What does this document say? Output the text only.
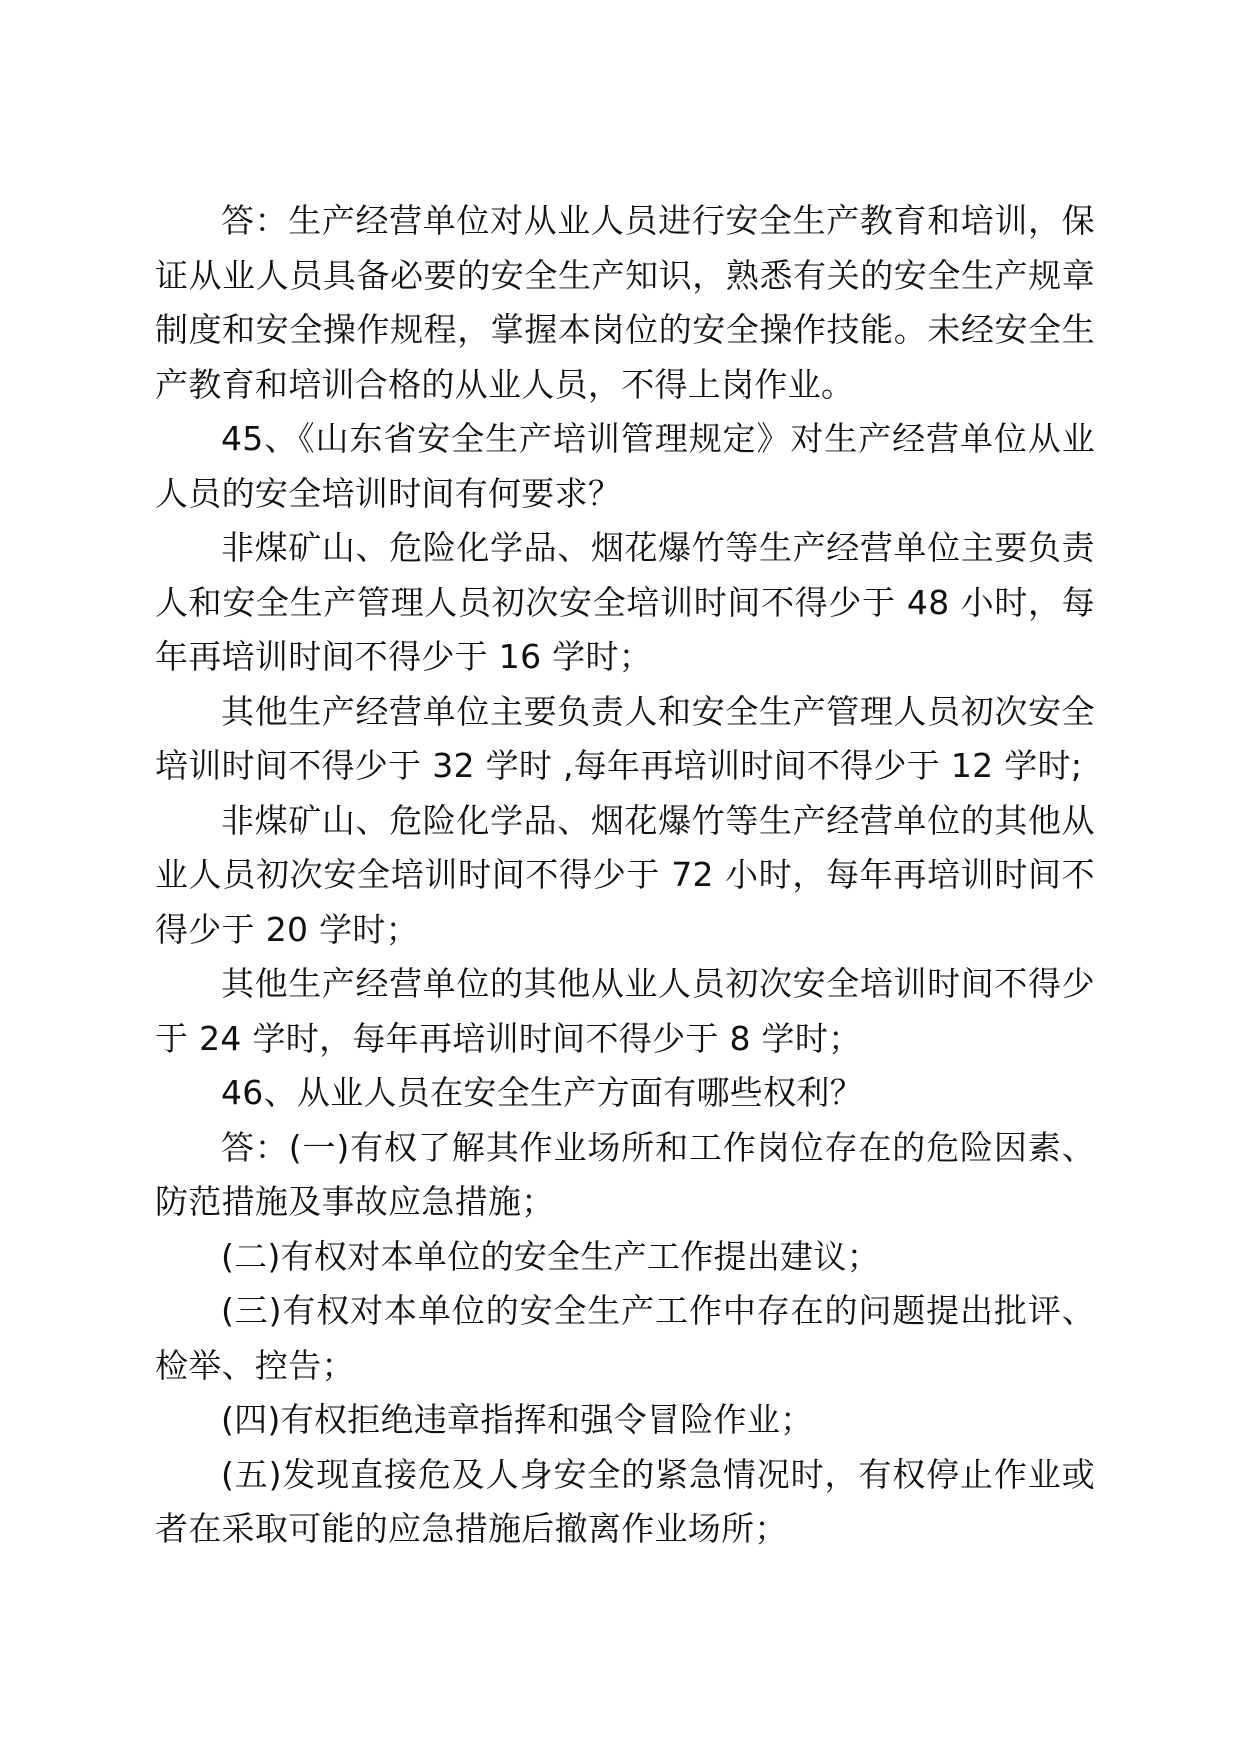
答：生产经营单位对从业人员进行安全生产教育和培训，保证从业人员具备必要的安全生产知识，熟悉有关的安全生产规章制度和安全操作规程，掌握本岗位的安全操作技能。未经安全生产教育和培训合格的从业人员，不得上岗作业。

45、《山东省安全生产培训管理规定》对生产经营单位从业人员的安全培训时间有何要求？

非煤矿山、危险化学品、烟花爆竹等生产经营单位主要负责人和安全生产管理人员初次安全培训时间不得少于 48 小时，每年再培训时间不得少于 16 学时；

其他生产经营单位主要负责人和安全生产管理人员初次安全培训时间不得少于 32 学时 ,每年再培训时间不得少于 12 学时;

非煤矿山、危险化学品、烟花爆竹等生产经营单位的其他从业人员初次安全培训时间不得少于 72 小时，每年再培训时间不得少于 20 学时；

其他生产经营单位的其他从业人员初次安全培训时间不得少于 24 学时，每年再培训时间不得少于 8 学时；

46、从业人员在安全生产方面有哪些权利？

答：(一)有权了解其作业场所和工作岗位存在的危险因素、防范措施及事故应急措施；

(二)有权对本单位的安全生产工作提出建议；

(三)有权对本单位的安全生产工作中存在的问题提出批评、检举、控告；

(四)有权拒绝违章指挥和强令冒险作业；

(五)发现直接危及人身安全的紧急情况时，有权停止作业或者在采取可能的应急措施后撤离作业场所；
